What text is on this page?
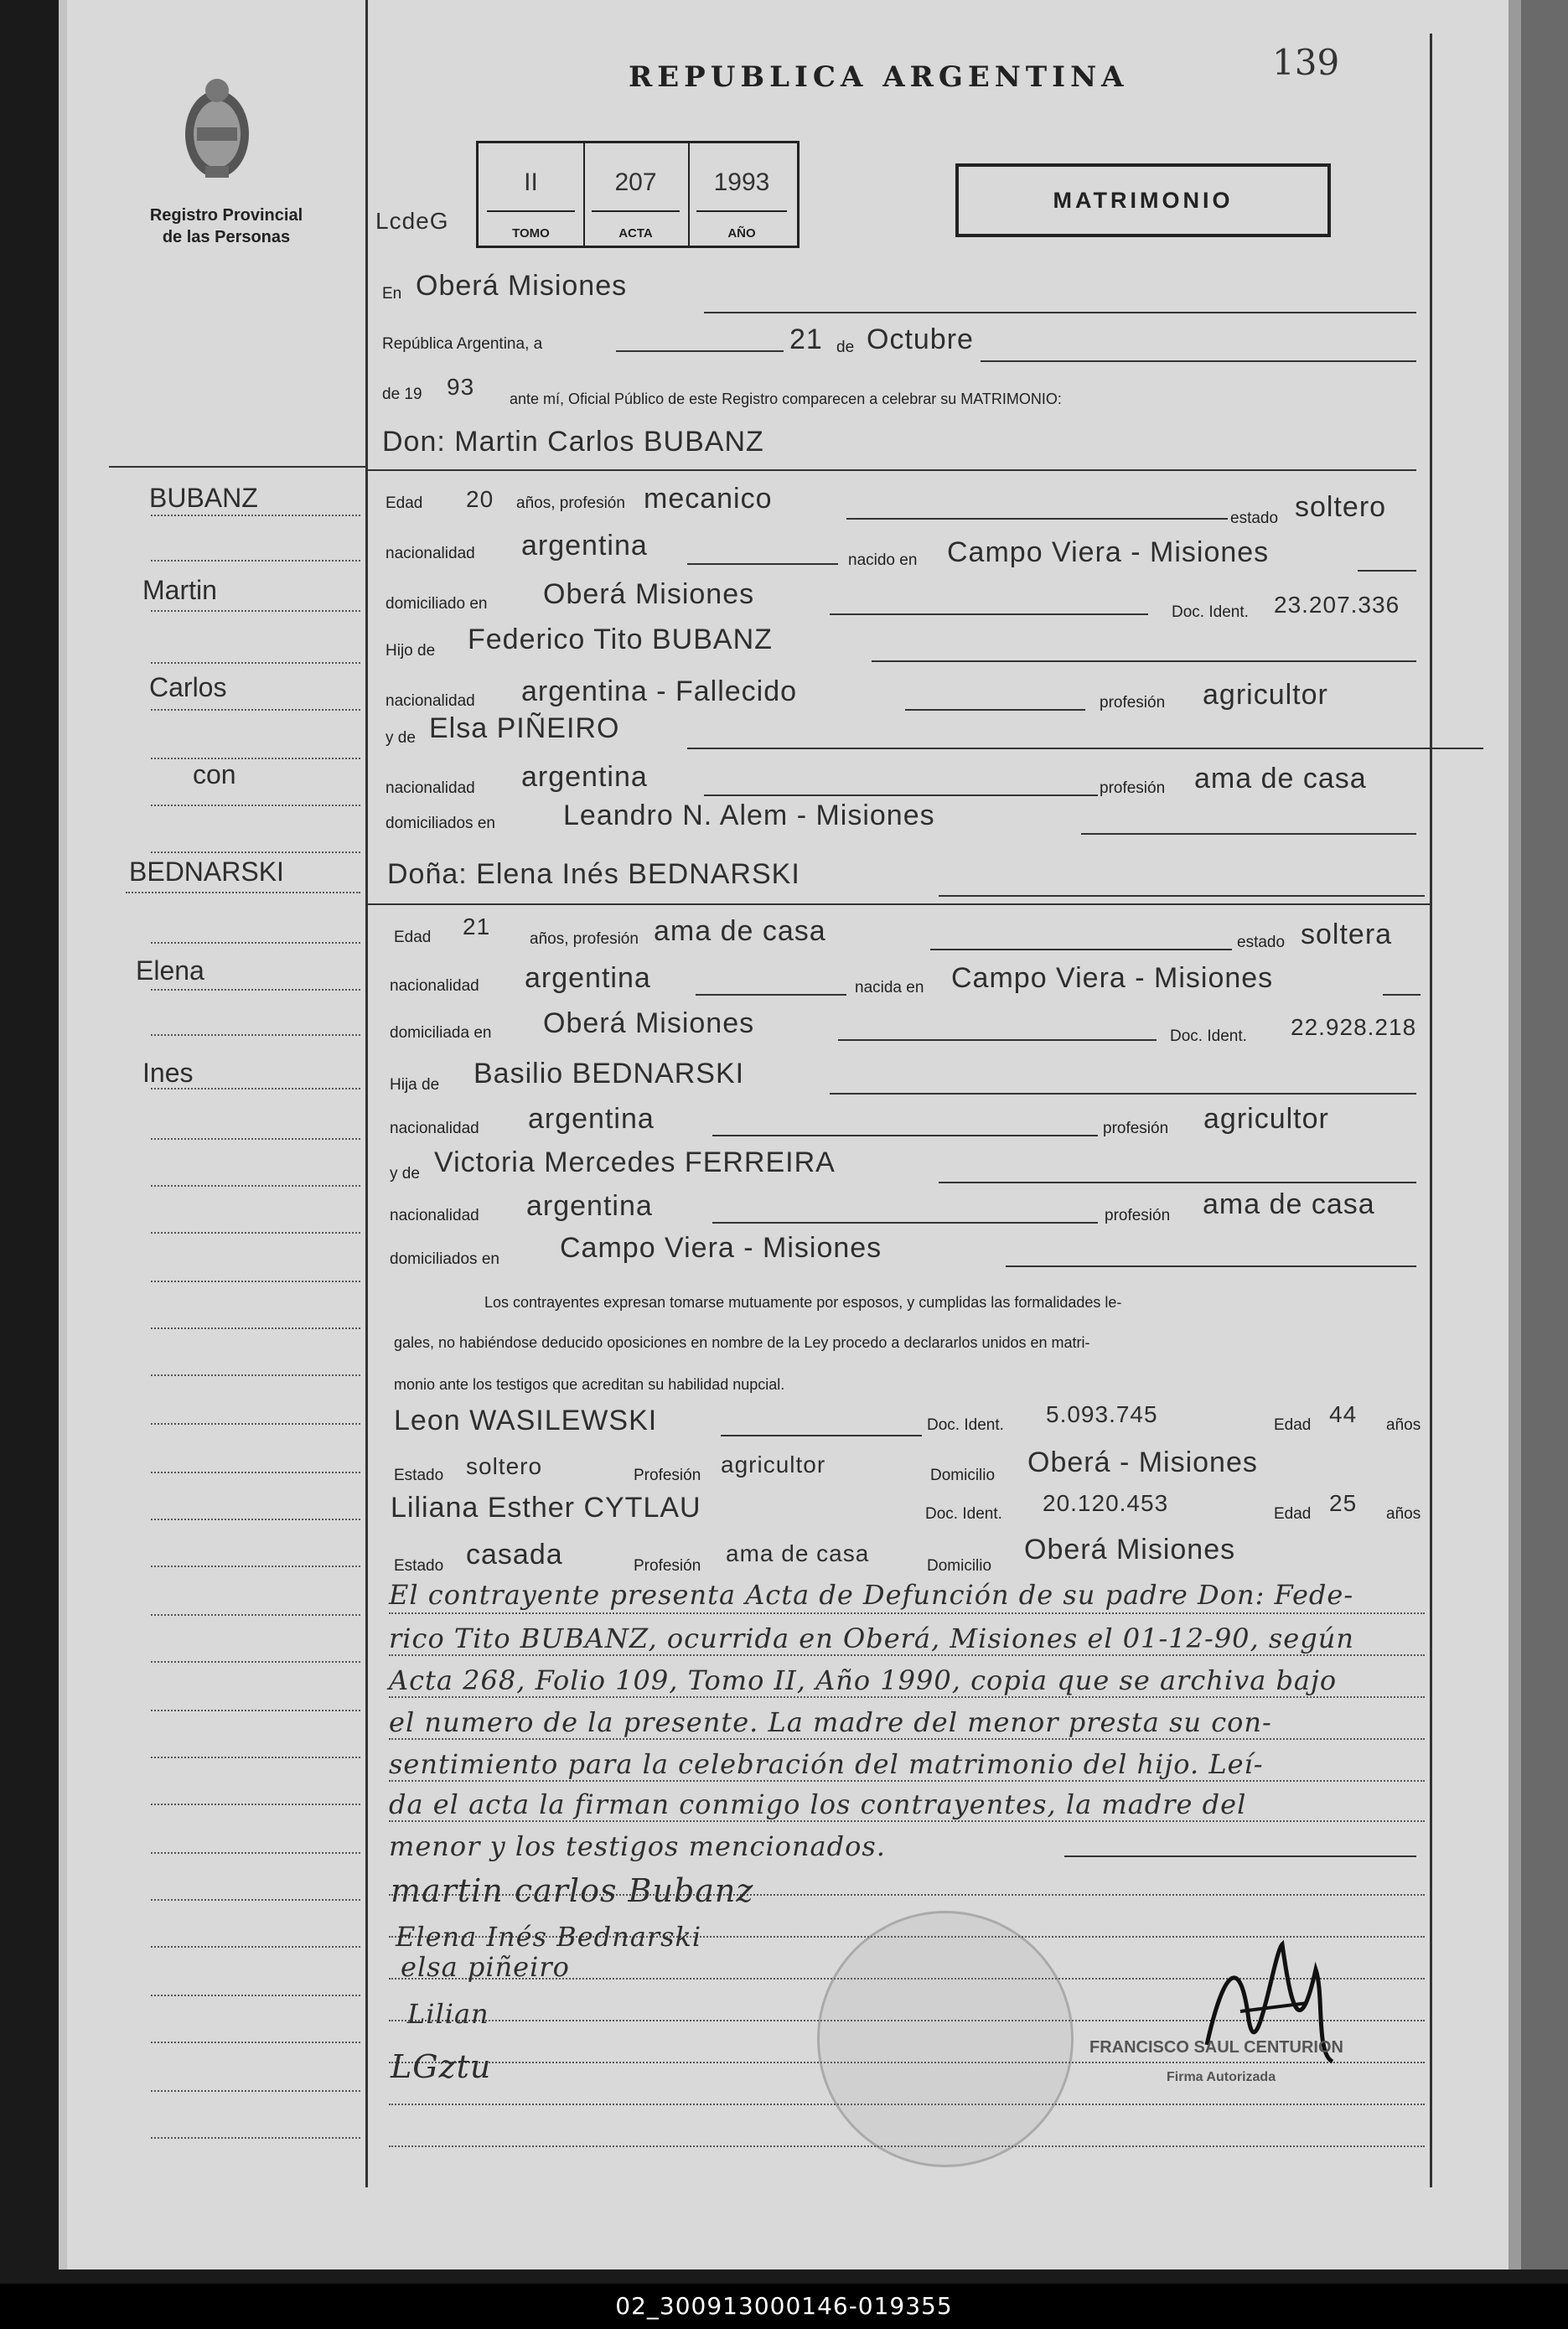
Registro Provincial
de las Personas
REPUBLICA ARGENTINA	139
MATRIMONIO
LcdeG
II
TOMO
207
ACTA
1993
AÑO
En Oberá Misiones
República Argentina, a	21 de Octubre
de 19 93 ante mí, Oficial Público de este Registro comparecen a celebrar su MATRIMONIO:
Don: Martin Carlos BUBANZ
Edad 20 años, profesión mecanico
estado soltero
nacionalidad argentina	nacido en Campo Viera - Misiones
domiciliado en Oberá Misiones
Doc. Ident. 23.207.336
Hijo de Federico Tito BUBANZ
nacionalidad argentina - Fallecido	profesión agricultor
y de Elsa PIÑEIRO
nacionalidad argentina	profesión ama de casa
domiciliados en Leandro N. Alem - Misiones
Doña: Elena Inés BEDNARSKI
Edad 21 años, profesión ama de casa	estado soltera
nacionalidad argentina	nacida en Campo Viera - Misiones
domiciliada en Oberá Misiones	Doc. Ident. 22.928.218
Hija de Basilio BEDNARSKI
nacionalidad argentina	profesión agricultor
y de Victoria Mercedes FERREIRA
nacionalidad argentina	profesión ama de casa
domiciliados en Campo Viera - Misiones
Los contrayentes expresan tomarse mutuamente por esposos, y cumplidas las formalidades le-
gales, no habiéndose deducido oposiciones en nombre de la Ley procedo a declararlos unidos en matri-
monio ante los testigos que acreditan su habilidad nupcial.
Leon WASILEWSKI	Doc. Ident. 5.093.745	Edad 44 años
Estado soltero	Profesión agricultor	Domicilio Oberá - Misiones
Liliana Esther CYTLAU	Doc. Ident. 20.120.453	Edad 25 años
Estado casada	Profesión ama de casa	Domicilio
Oberá Misiones
El contrayente presenta Acta de Defunción de su padre Don: Fede-
rico Tito BUBANZ, ocurrida en Oberá, Misiones el 01-12-90, según
Acta 268, Folio 109, Tomo II, Año 1990, copia que se archiva bajo
el numero de la presente. La madre del menor presta su con-
sentimiento para la celebración del matrimonio del hijo. Leí-
da el acta la firman conmigo los contrayentes, la madre del
menor y los testigos mencionados.
martin carlos Bubanz
Elena Inés Bednarski
elsa piñeiro
Lilian
LGztu
FRANCISCO SAUL CENTURION
Firma Autorizada
BUBANZ
Martin
Carlos
con
BEDNARSKI
Elena
Ines
02_300913000146-019355
